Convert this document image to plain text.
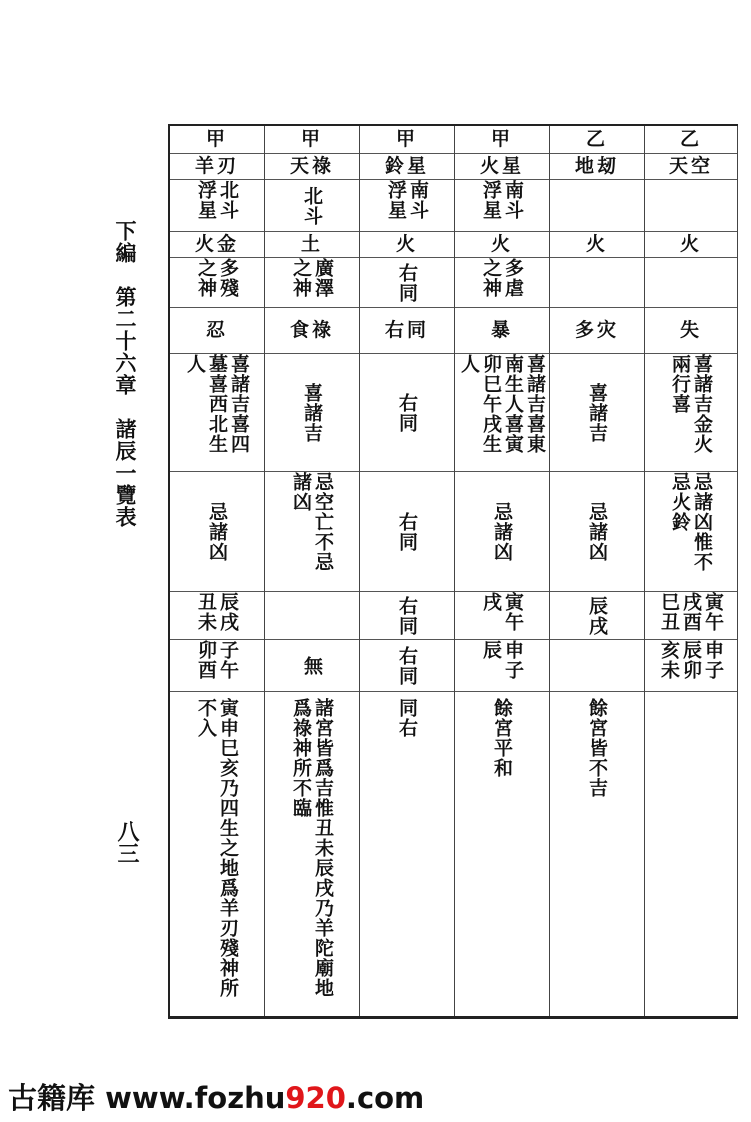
下編　第二十六章　諸辰一覽表
八三
甲
羊刃
北斗浮星
火金
多殘之神
忍
喜諸吉喜四墓喜西北生人
忌諸凶
辰戌丑未
子午卯酉
寅申巳亥乃四生之地爲羊刃殘神所不入
甲
天祿
北斗
土
廣澤之神
食祿
喜諸吉
忌空亡不忌諸凶
無
諸宮皆爲吉惟丑未辰戌乃羊陀廟地爲祿神所不臨
甲
鈴星
南斗浮星
火
右同
右同
右同
右同
右同
右同
同右
甲
火星
南斗浮星
火
多虐之神
暴
喜諸吉喜東南生人喜寅卯巳午戌生人
忌諸凶
寅午戌
申子辰
餘宮平和
乙
地刼
火
多灾
喜諸吉
忌諸凶
辰戌
餘宮皆不吉
乙
天空
火
失
喜諸吉金火兩行喜
忌諸凶惟不忌火鈴
寅午戌酉巳丑
申子辰卯亥未
古籍库 www.fozhu920.com
